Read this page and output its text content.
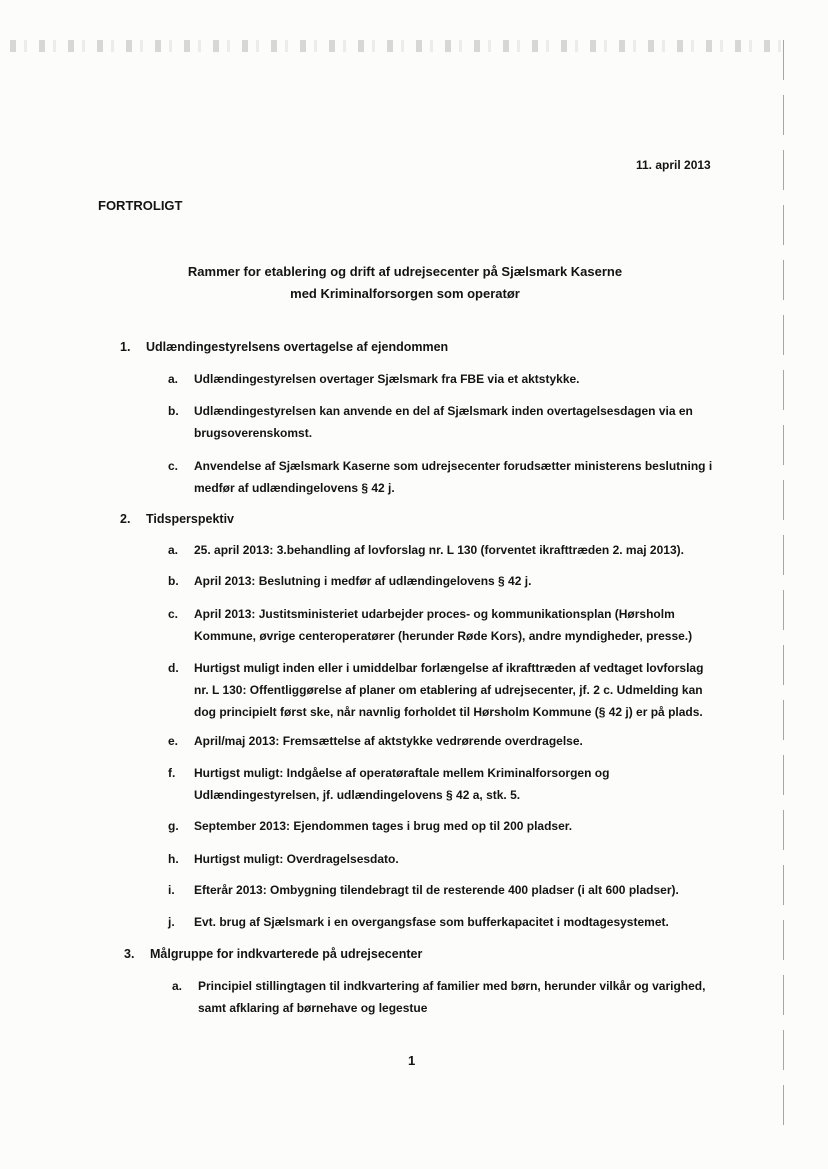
11. april 2013
FORTROLIGT
Rammer for etablering og drift af udrejsecenter på Sjælsmark Kaserne
med Kriminalforsorgen som operatør
1. Udlændingestyrelsens overtagelse af ejendommen
a. Udlændingestyrelsen overtager Sjælsmark fra FBE via et aktstykke.
b. Udlændingestyrelsen kan anvende en del af Sjælsmark inden overtagelsesdagen via en
brugsoverenskomst.
c. Anvendelse af Sjælsmark Kaserne som udrejsecenter forudsætter ministerens beslutning i
medfør af udlændingelovens § 42 j.
2. Tidsperspektiv
a. 25. april 2013: 3.behandling af lovforslag nr. L 130 (forventet ikrafttræden 2. maj 2013).
b. April 2013: Beslutning i medfør af udlændingelovens § 42 j.
c. April 2013: Justitsministeriet udarbejder proces- og kommunikationsplan (Hørsholm
Kommune, øvrige centeroperatører (herunder Røde Kors), andre myndigheder, presse.)
d. Hurtigst muligt inden eller i umiddelbar forlængelse af ikrafttræden af vedtaget lovforslag
nr. L 130: Offentliggørelse af planer om etablering af udrejsecenter, jf. 2 c. Udmelding kan
dog principielt først ske, når navnlig forholdet til Hørsholm Kommune (§ 42 j) er på plads.
e. April/maj 2013: Fremsættelse af aktstykke vedrørende overdragelse.
f. Hurtigst muligt: Indgåelse af operatøraftale mellem Kriminalforsorgen og
Udlændingestyrelsen, jf. udlændingelovens § 42 a, stk. 5.
g. September 2013: Ejendommen tages i brug med op til 200 pladser.
h. Hurtigst muligt: Overdragelsesdato.
i. Efterår 2013: Ombygning tilendebragt til de resterende 400 pladser (i alt 600 pladser).
j. Evt. brug af Sjælsmark i en overgangsfase som bufferkapacitet i modtagesystemet.
3. Målgruppe for indkvarterede på udrejsecenter
a. Principiel stillingtagen til indkvartering af familier med børn, herunder vilkår og varighed,
samt afklaring af børnehave og legestue
1
